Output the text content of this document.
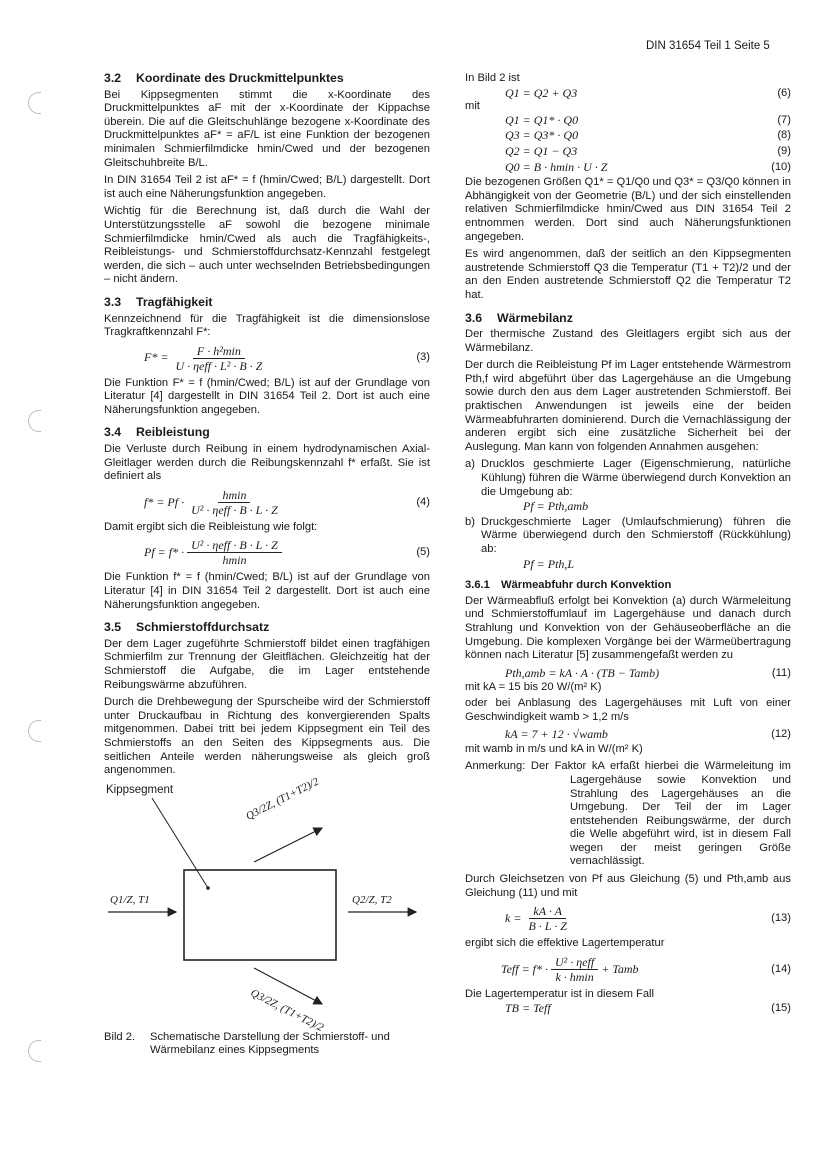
DIN 31654 Teil 1 Seite 5
3.2 Koordinate des Druckmittelpunktes

Bei Kippsegmenten stimmt die x-Koordinate des Druckmittelpunktes aF mit der x-Koordinate der Kippachse überein. Die auf die Gleitschuhlänge bezogene x-Koordinate des Druckmittelpunktes aF* = aF/L ist eine Funktion der bezogenen minimalen Schmierfilmdicke hmin/Cwed und der bezogenen Gleitschuhbreite B/L.

In DIN 31654 Teil 2 ist aF* = f (hmin/Cwed; B/L) dargestellt. Dort ist auch eine Näherungsfunktion angegeben.

Wichtig für die Berechnung ist, daß durch die Wahl der Unterstützungsstelle aF sowohl die bezogene minimale Schmierfilmdicke hmin/Cwed als auch die Tragfähigkeits-, Reibleistungs- und Schmierstoffdurchsatz-Kennzahl festgelegt werden, die sich – auch unter wechselnden Betriebsbedingungen – nicht ändern.

3.3 Tragfähigkeit

Kennzeichnend für die Tragfähigkeit ist die dimensionslose Tragkraftkennzahl F*:

$F* = \frac{\text{F · h²min}}{\text{U · ηeff · L² · B · Z}}$	(3)

Die Funktion F* = f (hmin/Cwed; B/L) ist auf der Grundlage von Literatur [4] dargestellt in DIN 31654 Teil 2. Dort ist auch eine Näherungsfunktion angegeben.

3.4 Reibleistung

Die Verluste durch Reibung in einem hydrodynamischen Axial-Gleitlager werden durch die Reibungskennzahl f* erfaßt. Sie ist definiert als

$f* = Pf \cdot \frac{hmin}{\text{U² · ηeff · B · L · Z}}$	(4)

Damit ergibt sich die Reibleistung wie folgt:

$Pf = f* \cdot \frac{\text{U² · ηeff · B · L · Z}}{hmin}$	(5)

Die Funktion f* = f (hmin/Cwed; B/L) ist auf der Grundlage von Literatur [4] in DIN 31654 Teil 2 dargestellt. Dort ist auch eine Näherungsfunktion angegeben.

3.5 Schmierstoffdurchsatz

Der dem Lager zugeführte Schmierstoff bildet einen tragfähigen Schmierfilm zur Trennung der Gleitflächen. Gleichzeitig hat der Schmierstoff die Aufgabe, die im Lager entstehende Reibungswärme abzuführen.

Durch die Drehbewegung der Spurscheibe wird der Schmierstoff unter Druckaufbau in Richtung des konvergierenden Spalts mitgenommen. Dabei tritt bei jedem Kippsegment ein Teil des Schmierstoffs an den Seiten des Kippsegments aus. Die seitlichen Anteile werden näherungsweise als gleich groß angenommen.

Kippsegment	Q3/2Z, (T1+T2)/2
Q1/Z, T1	Q2/Z, T2
Q3/2Z, (T1+T2)/2
Bild 2.	Schematische Darstellung der Schmierstoff- und Wärmebilanz eines Kippsegments

In Bild 2 ist

Q1 = Q2 + Q3	(6)

mit

Q1 = Q1* · Q0	(7)
Q3 = Q3* · Q0	(8)
Q2 = Q1 − Q3	(9)
Q0 = B · hmin · U · Z	(10)

Die bezogenen Größen Q1* = Q1/Q0 und Q3* = Q3/Q0 können in Abhängigkeit von der Geometrie (B/L) und der sich einstellenden relativen Schmierfilmdicke hmin/Cwed aus DIN 31654 Teil 2 entnommen werden. Dort sind auch Näherungsfunktionen angegeben.

Es wird angenommen, daß der seitlich an den Kippsegmenten austretende Schmierstoff Q3 die Temperatur (T1 + T2)/2 und der an den Enden austretende Schmierstoff Q2 die Temperatur T2 hat.

3.6 Wärmebilanz

Der thermische Zustand des Gleitlagers ergibt sich aus der Wärmebilanz.

Der durch die Reibleistung Pf im Lager entstehende Wärmestrom Pth,f wird abgeführt über das Lagergehäuse an die Umgebung sowie durch den aus dem Lager austretenden Schmierstoff. Bei praktischen Anwendungen ist jeweils eine der beiden Wärmeabfuhrarten dominierend. Durch die Vernachlässigung der anderen ergibt sich eine zusätzliche Sicherheit bei der Auslegung. Man kann von folgenden Annahmen ausgehen:

a) Drucklos geschmierte Lager (Eigenschmierung, natürliche Kühlung) führen die Wärme überwiegend durch Konvektion an die Umgebung ab:
Pf = Pth,amb
b) Druckgeschmierte Lager (Umlaufschmierung) führen die Wärme überwiegend durch den Schmierstoff (Rückkühlung) ab:
Pf = Pth,L
3.6.1 Wärmeabfuhr durch Konvektion

Der Wärmeabfluß erfolgt bei Konvektion (a) durch Wärmeleitung und Schmierstoffumlauf im Lagergehäuse und danach durch Strahlung und Konvektion von der Gehäuseoberfläche an die Umgebung. Die komplexen Vorgänge bei der Wärmeübertragung können nach Literatur [5] zusammengefaßt werden zu

Pth,amb = kA · A · (TB − Tamb)	(11)

mit kA = 15 bis 20 W/(m² K)

oder bei Anblasung des Lagergehäuses mit Luft von einer Geschwindigkeit wamb > 1,2 m/s

kA = 7 + 12 · √wamb	(12)

mit wamb in m/s und kA in W/(m² K)

Anmerkung: Der Faktor kA erfaßt hierbei die Wärmeleitung im Lagergehäuse sowie Konvektion und Strahlung des Lagergehäuses an die Umgebung. Der Teil der im Lager entstehenden Reibungswärme, der durch die Welle abgeführt wird, ist in diesem Fall wegen der meist geringen Größe vernachlässigt.

Durch Gleichsetzen von Pf aus Gleichung (5) und Pth,amb aus Gleichung (11) und mit

$k = \frac{kA \cdot A}{B \cdot L \cdot Z}$	(13)

ergibt sich die effektive Lagertemperatur

Teff = $f* \cdot \frac{\text{U² · ηeff}}{k \cdot hmin}$ + Tamb	(14)

Die Lagertemperatur ist in diesem Fall

TB = Teff	(15)
